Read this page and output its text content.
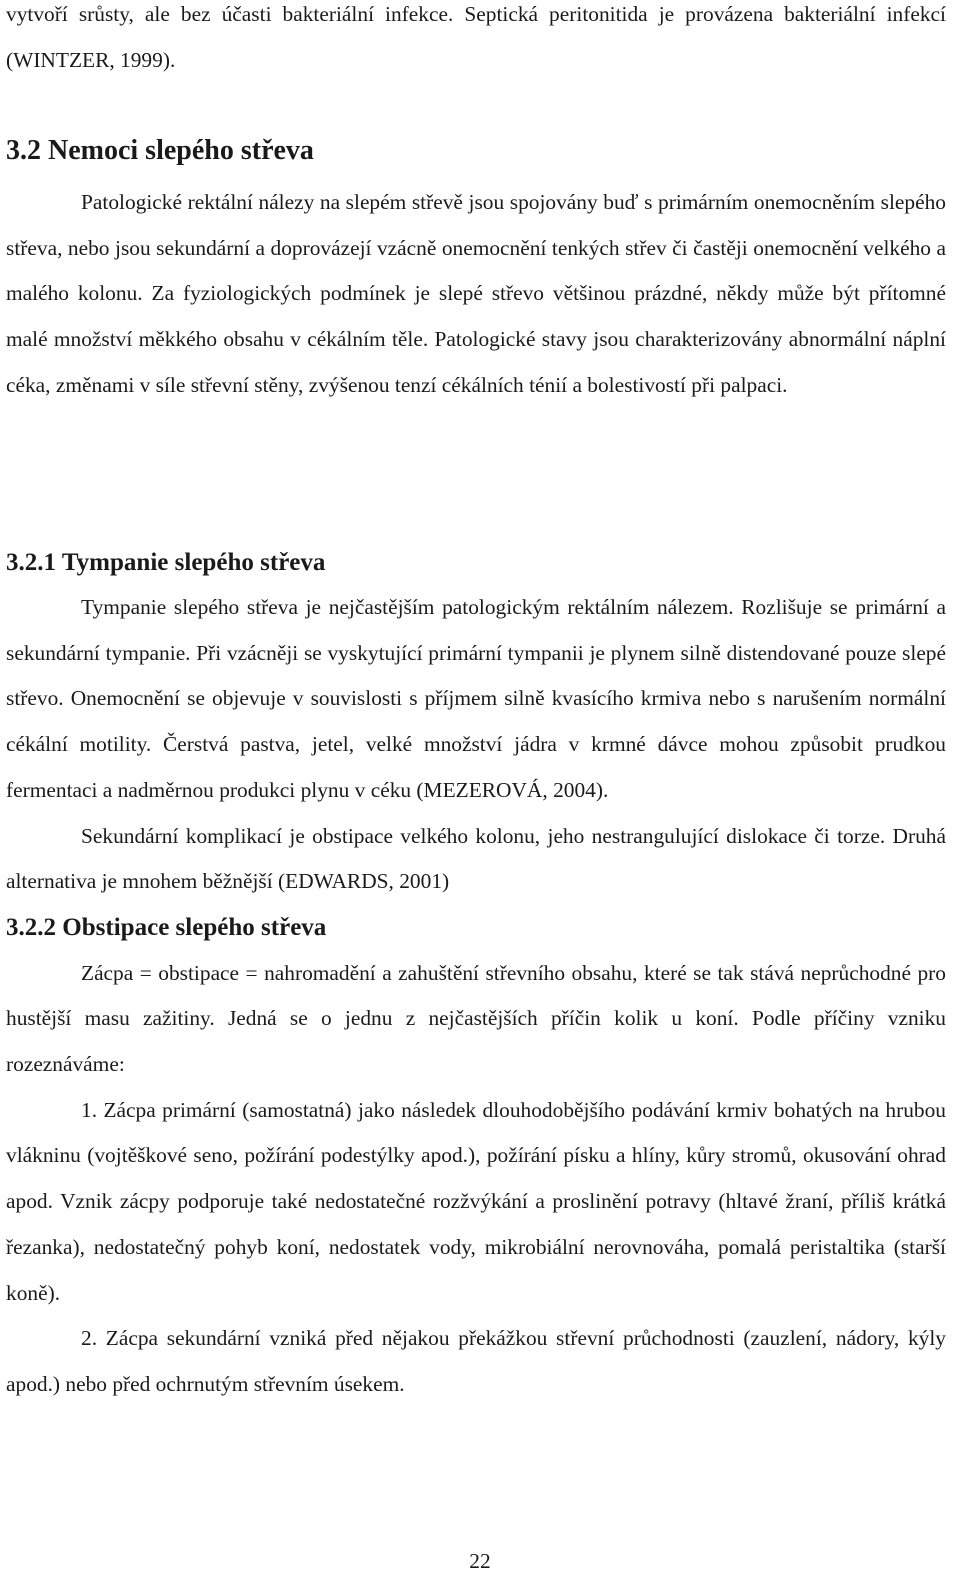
vytvoří srůsty, ale bez účasti bakteriální infekce. Septická peritonitida je provázena bakteriální infekcí (WINTZER, 1999).

3.2 Nemoci slepého střeva

Patologické rektální nálezy na slepém střevě jsou spojovány buď s primárním onemocněním slepého střeva, nebo jsou sekundární a doprovázejí vzácně onemocnění tenkých střev či častěji onemocnění velkého a malého kolonu. Za fyziologických podmínek je slepé střevo většinou prázdné, někdy může být přítomné malé množství měkkého obsahu v cékálním těle. Patologické stavy jsou charakterizovány abnormální náplní céka, změnami v síle střevní stěny, zvýšenou tenzí cékálních ténií a bolestivostí při palpaci.

3.2.1 Tympanie slepého střeva

Tympanie slepého střeva je nejčastějším patologickým rektálním nálezem. Rozlišuje se primární a sekundární tympanie. Při vzácněji se vyskytující primární tympanii je plynem silně distendované pouze slepé střevo. Onemocnění se objevuje v souvislosti s příjmem silně kvasícího krmiva nebo s narušením normální cékální motility. Čerstvá pastva, jetel, velké množství jádra v krmné dávce mohou způsobit prudkou fermentaci a nadměrnou produkci plynu v céku (MEZEROVÁ, 2004).

Sekundární komplikací je obstipace velkého kolonu, jeho nestrangulující dislokace či torze. Druhá alternativa je mnohem běžnější (EDWARDS, 2001)

3.2.2 Obstipace slepého střeva

Zácpa = obstipace = nahromadění a zahuštění střevního obsahu, které se tak stává neprůchodné pro hustější masu zažitiny. Jedná se o jednu z nejčastějších příčin kolik u koní. Podle příčiny vzniku rozeznáváme:

1. Zácpa primární (samostatná) jako následek dlouhodobějšího podávání krmiv bohatých na hrubou vlákninu (vojtěškové seno, požírání podestýlky apod.), požírání písku a hlíny, kůry stromů, okusování ohrad apod. Vznik zácpy podporuje také nedostatečné rozžvýkání a proslinění potravy (hltavé žraní, příliš krátká řezanka), nedostatečný pohyb koní, nedostatek vody, mikrobiální nerovnováha, pomalá peristaltika (starší koně).

2. Zácpa sekundární vzniká před nějakou překážkou střevní průchodnosti (zauzlení, nádory, kýly apod.) nebo před ochrnutým střevním úsekem.

22
